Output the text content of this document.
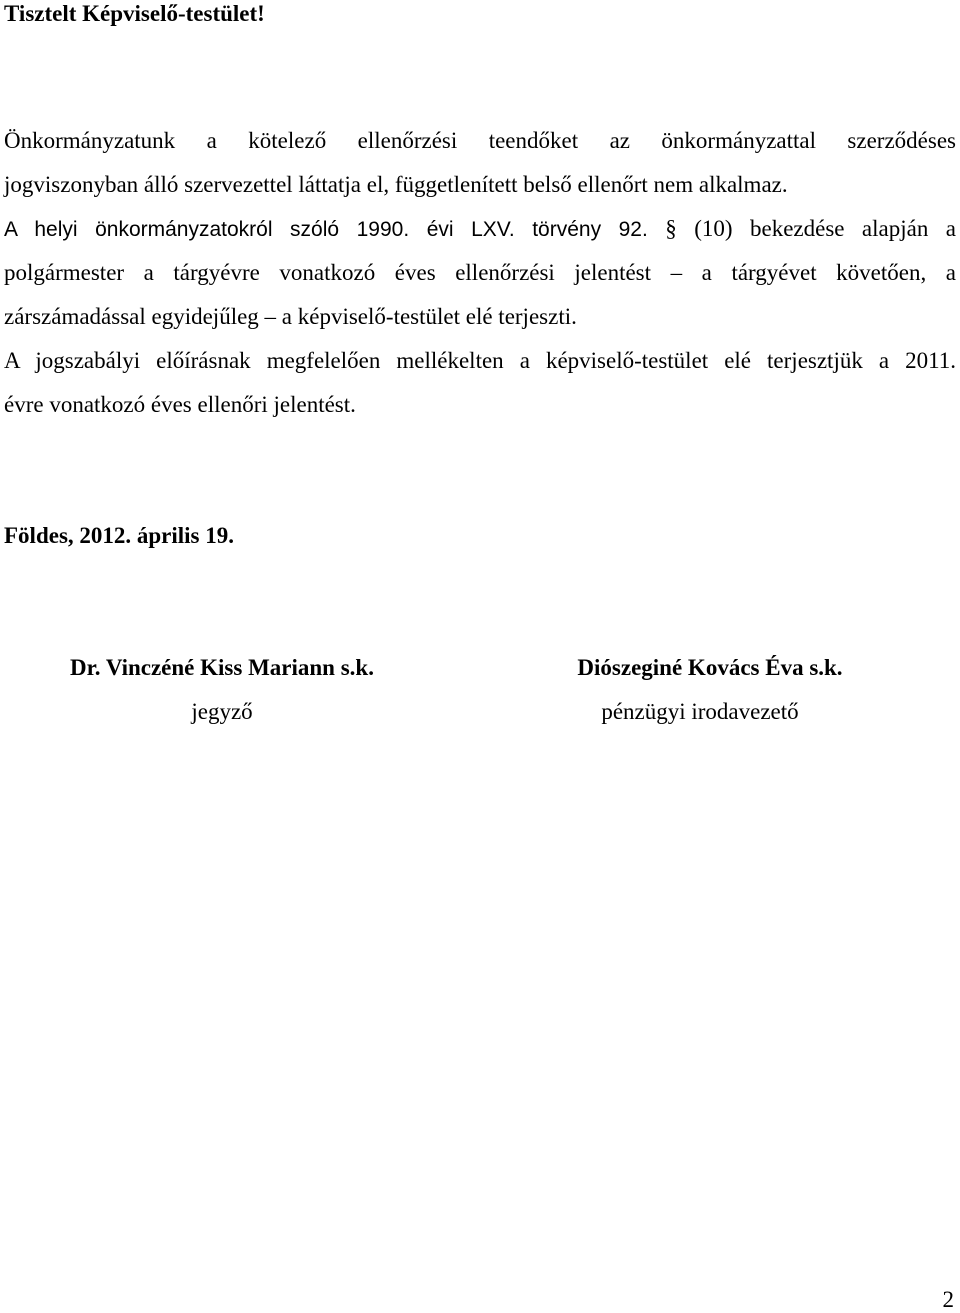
Tisztelt Képviselő-testület!
Önkormányzatunk a kötelező ellenőrzési teendőket az önkormányzattal szerződéses
jogviszonyban álló szervezettel láttatja el, függetlenített belső ellenőrt nem alkalmaz.
A helyi önkormányzatokról szóló 1990. évi LXV. törvény 92. § (10) bekezdése alapján a
polgármester a tárgyévre vonatkozó éves ellenőrzési jelentést – a tárgyévet követően, a
zárszámadással egyidejűleg – a képviselő-testület elé terjeszti.
A jogszabályi előírásnak megfelelően mellékelten a képviselő-testület elé terjesztjük a 2011.
évre vonatkozó éves ellenőri jelentést.
Földes, 2012. április 19.
Dr. Vinczéné Kiss Mariann s.k.
jegyző
Diószeginé Kovács Éva s.k.
pénzügyi irodavezető
2
